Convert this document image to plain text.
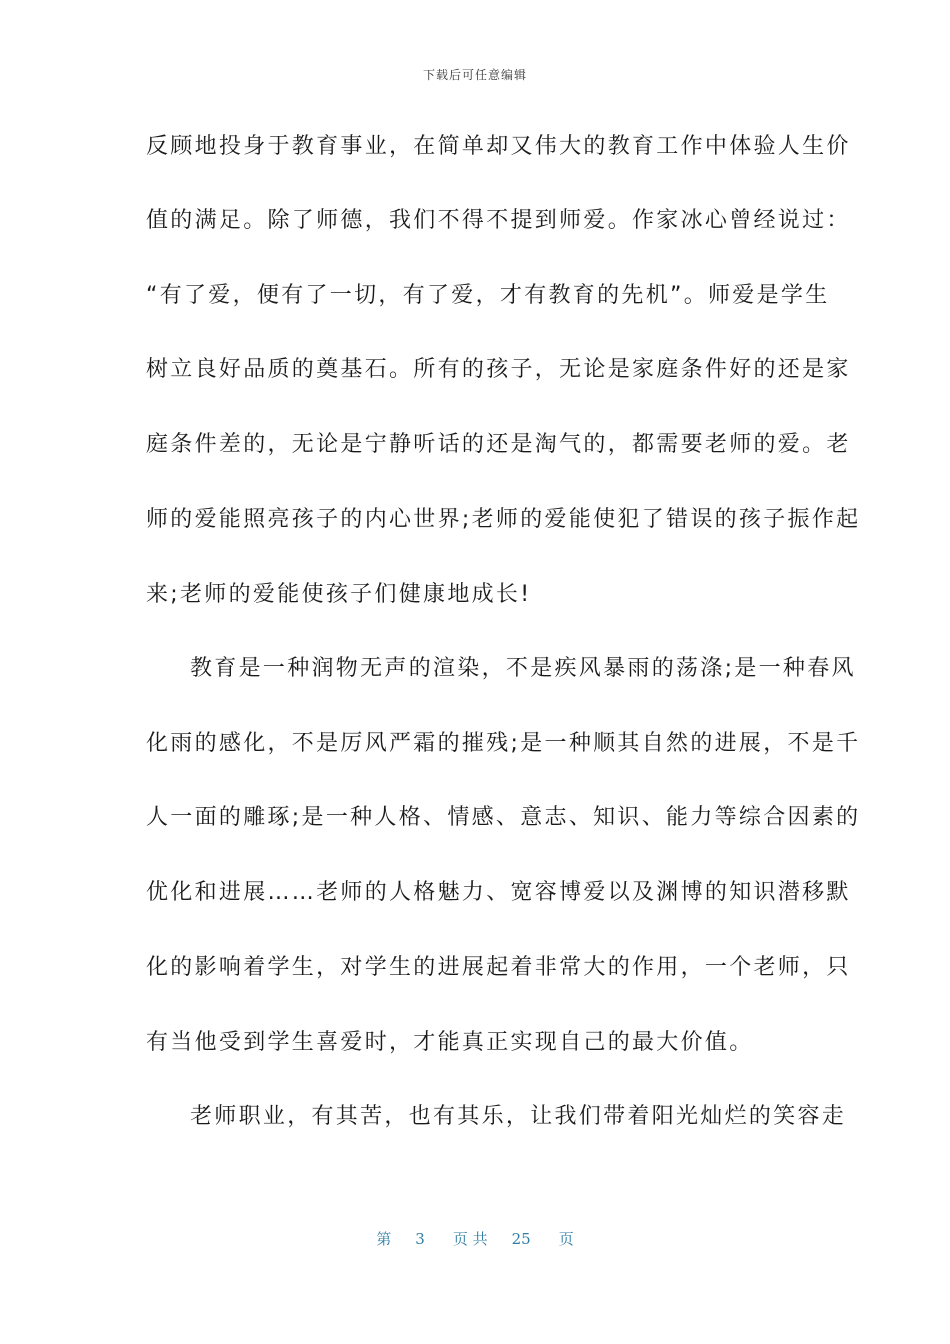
下载后可任意编辑
反顾地投身于教育事业，在简单却又伟大的教育工作中体验人生价
值的满足。除了师德，我们不得不提到师爱。作家冰心曾经说过：
“有了爱，便有了一切，有了爱，才有教育的先机”。师爱是学生
树立良好品质的奠基石。所有的孩子，无论是家庭条件好的还是家
庭条件差的，无论是宁静听话的还是淘气的，都需要老师的爱。老
师的爱能照亮孩子的内心世界;老师的爱能使犯了错误的孩子振作起
来;老师的爱能使孩子们健康地成长!
教育是一种润物无声的渲染，不是疾风暴雨的荡涤;是一种春风
化雨的感化，不是厉风严霜的摧残;是一种顺其自然的进展，不是千
人一面的雕琢;是一种人格、情感、意志、知识、能力等综合因素的
优化和进展……老师的人格魅力、宽容博爱以及渊博的知识潜移默
化的影响着学生，对学生的进展起着非常大的作用，一个老师，只
有当他受到学生喜爱时，才能真正实现自己的最大价值。
老师职业，有其苦，也有其乐，让我们带着阳光灿烂的笑容走
第 3 页 共 25 页
